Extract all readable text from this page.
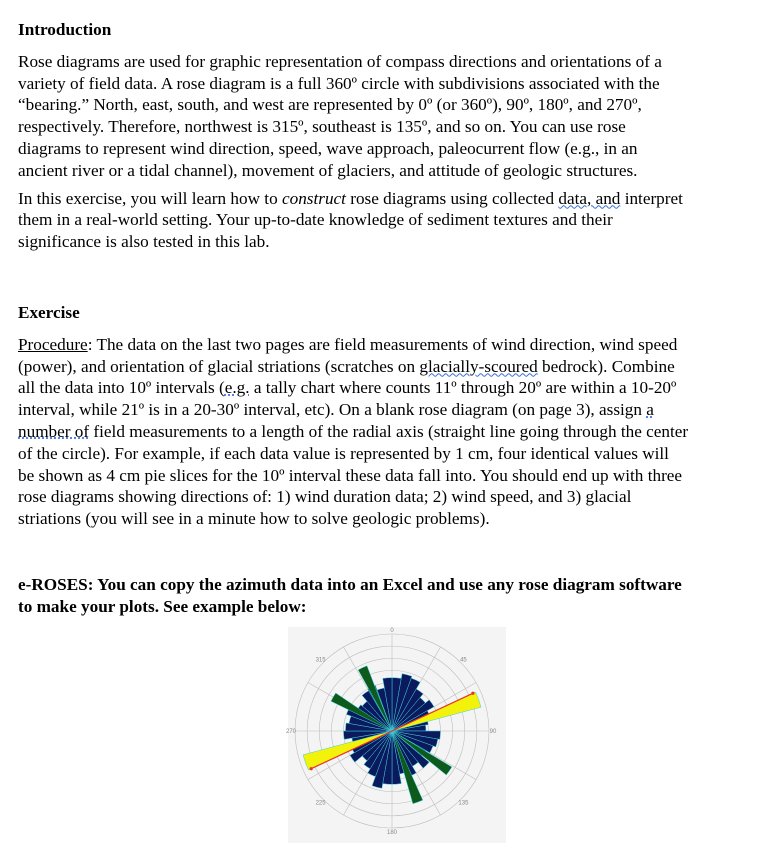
Introduction
Rose diagrams are used for graphic representation of compass directions and orientations of a
variety of field data. A rose diagram is a full 360º circle with subdivisions associated with the
“bearing.” North, east, south, and west are represented by 0º (or 360º), 90º, 180º, and 270º,
respectively. Therefore, northwest is 315º, southeast is 135º, and so on. You can use rose
diagrams to represent wind direction, speed, wave approach, paleocurrent flow (e.g., in an
ancient river or a tidal channel), movement of glaciers, and attitude of geologic structures.
In this exercise, you will learn how to construct rose diagrams using collected data, and interpret
them in a real-world setting. Your up-to-date knowledge of sediment textures and their
significance is also tested in this lab.
Exercise
Procedure: The data on the last two pages are field measurements of wind direction, wind speed
(power), and orientation of glacial striations (scratches on glacially-scoured bedrock). Combine
all the data into 10º intervals (e.g. a tally chart where counts 11º through 20º are within a 10-20º
interval, while 21º is in a 20-30º interval, etc). On a blank rose diagram (on page 3), assign a
number of field measurements to a length of the radial axis (straight line going through the center
of the circle). For example, if each data value is represented by 1 cm, four identical values will
be shown as 4 cm pie slices for the 10º interval these data fall into. You should end up with three
rose diagrams showing directions of: 1) wind duration data; 2) wind speed, and 3) glacial
striations (you will see in a minute how to solve geologic problems).
e-ROSES: You can copy the azimuth data into an Excel and use any rose diagram software
to make your plots. See example below:
0
45
90
135
180
225
270
315
